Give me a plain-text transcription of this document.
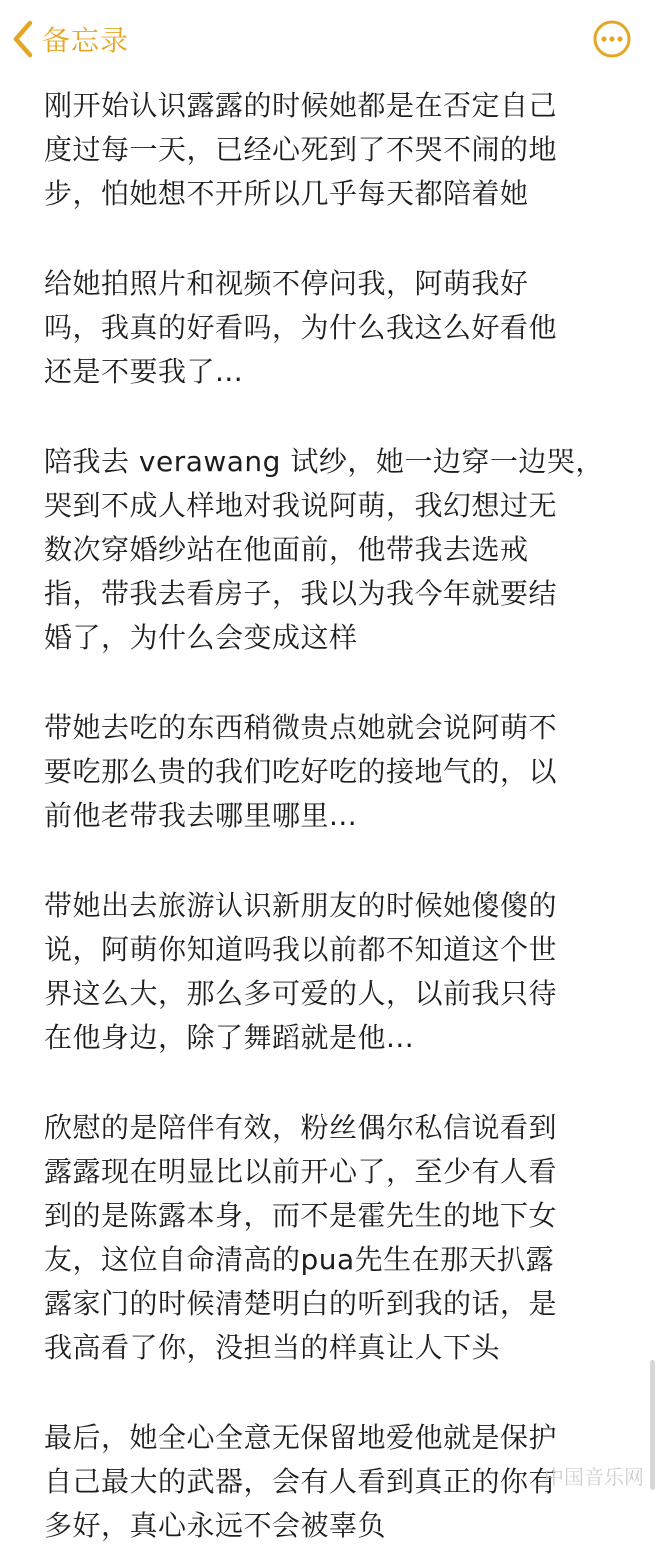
备忘录

刚开始认识露露的时候她都是在否定自己
度过每一天，已经心死到了不哭不闹的地
步，怕她想不开所以几乎每天都陪着她

给她拍照片和视频不停问我，阿萌我好
吗，我真的好看吗，为什么我这么好看他
还是不要我了...

陪我去 verawang 试纱，她一边穿一边哭，
哭到不成人样地对我说阿萌，我幻想过无
数次穿婚纱站在他面前，他带我去选戒
指，带我去看房子，我以为我今年就要结
婚了，为什么会变成这样

带她去吃的东西稍微贵点她就会说阿萌不
要吃那么贵的我们吃好吃的接地气的，以
前他老带我去哪里哪里...

带她出去旅游认识新朋友的时候她傻傻的
说，阿萌你知道吗我以前都不知道这个世
界这么大，那么多可爱的人，以前我只待
在他身边，除了舞蹈就是他...

欣慰的是陪伴有效，粉丝偶尔私信说看到
露露现在明显比以前开心了，至少有人看
到的是陈露本身，而不是霍先生的地下女
友，这位自命清高的pua先生在那天扒露
露家门的时候清楚明白的听到我的话，是
我高看了你，没担当的样真让人下头

最后，她全心全意无保留地爱他就是保护
自己最大的武器，会有人看到真正的你有
多好，真心永远不会被辜负

中国音乐网
